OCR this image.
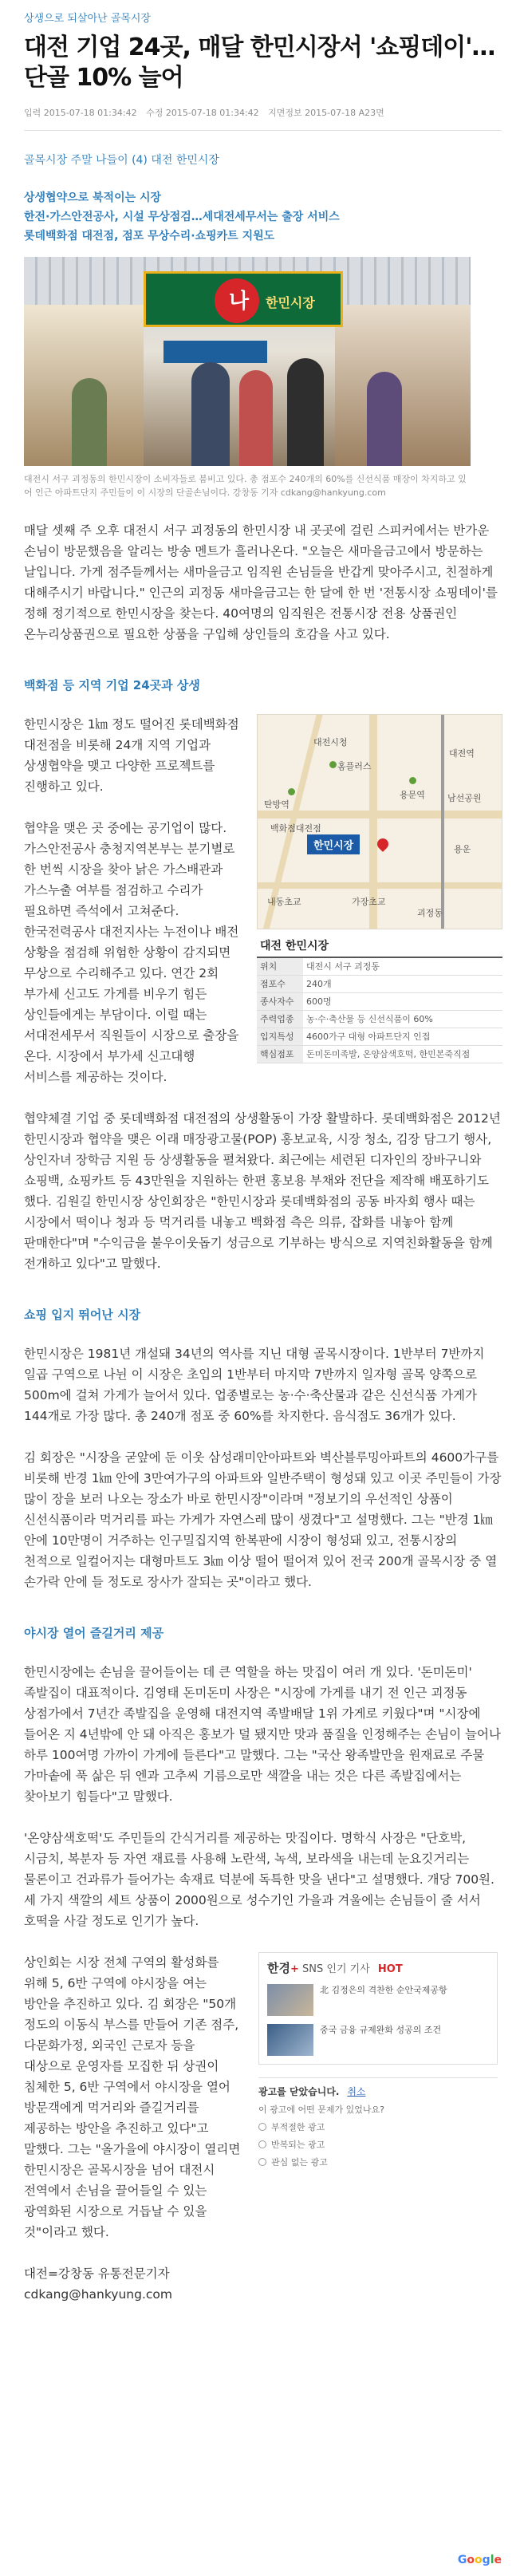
상생으로 되살아난 골목시장
대전 기업 24곳, 매달 한민시장서 '쇼핑데이'…단골 10% 늘어
입력 2015-07-18 01:34:42 수정 2015-07-18 01:34:42 지면정보 2015-07-18 A23면
골목시장 주말 나들이 (4) 대전 한민시장
상생협약으로 북적이는 시장
한전·가스안전공사, 시설 무상점검…세대전세무서는 출장 서비스
롯데백화점 대전점, 점포 무상수리·쇼핑카트 지원도
나 한민시장
대전시 서구 괴정동의 한민시장이 소비자들로 붐비고 있다. 총 점포수 240개의 60%를 신선식품 매장이 차지하고 있어 인근 아파트단지 주민들이 이 시장의 단골손님이다. 강창동 기자 cdkang@hankyung.com

매달 셋째 주 오후 대전시 서구 괴정동의 한민시장 내 곳곳에 걸린 스피커에서는 반가운 손님이 방문했음을 알리는 방송 멘트가 흘러나온다. "오늘은 새마을금고에서 방문하는 날입니다. 가게 점주들께서는 새마을금고 임직원 손님들을 반갑게 맞아주시고, 친절하게 대해주시기 바랍니다." 인근의 괴정동 새마을금고는 한 달에 한 번 '전통시장 쇼핑데이'를 정해 정기적으로 한민시장을 찾는다. 40여명의 임직원은 전통시장 전용 상품권인 온누리상품권으로 필요한 상품을 구입해 상인들의 호감을 사고 있다.

백화점 등 지역 기업 24곳과 상생

한민시장은 1㎞ 정도 떨어진 롯데백화점 대전점을 비롯해 24개 지역 기업과 상생협약을 맺고 다양한 프로젝트를 진행하고 있다.

협약을 맺은 곳 중에는 공기업이 많다. 가스안전공사 충청지역본부는 분기별로 한 번씩 시장을 찾아 낡은 가스배관과 가스누출 여부를 점검하고 수리가 필요하면 즉석에서 고쳐준다. 한국전력공사 대전지사는 누전이나 배전 상황을 점검해 위험한 상황이 감지되면 무상으로 수리해주고 있다. 연간 2회 부가세 신고도 가게를 비우기 힘든 상인들에게는 부담이다. 이럴 때는 서대전세무서 직원들이 시장으로 출장을 온다. 시장에서 부가세 신고대행 서비스를 제공하는 것이다.

대전시청
홈플러스
탄방역
대전역
용문역	남선공원
한민시장
백화점대전점
용운
내동초교	가장초교
괴정동
대전 한민시장
위치	대전시 서구 괴정동
점포수	240개
종사자수	600명
주력업종	농·수·축산물 등 신선식품이 60%
입지특성	4600가구 대형 아파트단지 인접
핵심점포	돈미돈미족발, 온양삼색호떡, 한민본죽직점

협약체결 기업 중 롯데백화점 대전점의 상생활동이 가장 활발하다. 롯데백화점은 2012년 한민시장과 협약을 맺은 이래 매장광고물(POP) 홍보교육, 시장 청소, 김장 담그기 행사, 상인자녀 장학금 지원 등 상생활동을 펼쳐왔다. 최근에는 세련된 디자인의 장바구니와 쇼핑백, 쇼핑카트 등 43만원을 지원하는 한편 홍보용 부채와 전단을 제작해 배포하기도 했다. 김원길 한민시장 상인회장은 "한민시장과 롯데백화점의 공동 바자회 행사 때는 시장에서 떡이나 청과 등 먹거리를 내놓고 백화점 측은 의류, 잡화를 내놓아 함께 판매한다"며 "수익금을 불우이웃돕기 성금으로 기부하는 방식으로 지역친화활동을 함께 전개하고 있다"고 말했다.

쇼핑 입지 뛰어난 시장

한민시장은 1981년 개설돼 34년의 역사를 지닌 대형 골목시장이다. 1반부터 7반까지 일곱 구역으로 나뉜 이 시장은 초입의 1반부터 마지막 7반까지 일자형 골목 양쪽으로 500m에 걸쳐 가게가 늘어서 있다. 업종별로는 농·수·축산물과 같은 신선식품 가게가 144개로 가장 많다. 총 240개 점포 중 60%를 차지한다. 음식점도 36개가 있다.

김 회장은 "시장을 굳앞에 둔 이웃 삼성래미안아파트와 벽산블루밍아파트의 4600가구를 비롯해 반경 1㎞ 안에 3만여가구의 아파트와 일반주택이 형성돼 있고 이곳 주민들이 가장 많이 장을 보러 나오는 장소가 바로 한민시장"이라며 "정보기의 우선적인 상품이 신선식품이라 먹거리를 파는 가게가 자연스레 많이 생겼다"고 설명했다. 그는 "반경 1㎞ 안에 10만명이 거주하는 인구밀집지역 한복판에 시장이 형성돼 있고, 전통시장의 천적으로 일컬어지는 대형마트도 3㎞ 이상 떨어 떨어져 있어 전국 200개 골목시장 중 열 손가락 안에 들 정도로 장사가 잘되는 곳"이라고 했다.

야시장 열어 즐길거리 제공

한민시장에는 손님을 끌어들이는 데 큰 역할을 하는 맛집이 여러 개 있다. '돈미돈미' 족발집이 대표적이다. 김영태 돈미돈미 사장은 "시장에 가게를 내기 전 인근 괴정동 상점가에서 7년간 족발집을 운영해 대전지역 족발배달 1위 가게로 키웠다"며 "시장에 들어온 지 4년밖에 안 돼 아직은 홍보가 덜 됐지만 맛과 품질을 인정해주는 손님이 늘어나 하루 100여명 가까이 가게에 들른다"고 말했다. 그는 "국산 왕족발만을 원재료로 주물 가마솥에 푹 삶은 뒤 엔과 고추씨 기름으로만 색깔을 내는 것은 다른 족발집에서는 찾아보기 힘들다"고 말했다.

'온양삼색호떡'도 주민들의 간식거리를 제공하는 맛집이다. 명학식 사장은 "단호박, 시금치, 복분자 등 자연 재료를 사용해 노란색, 녹색, 보라색을 내는데 눈요깃거리는 물론이고 건과류가 들어가는 속재료 덕분에 독특한 맛을 낸다"고 설명했다. 개당 700원. 세 가지 색깔의 세트 상품이 2000원으로 성수기인 가을과 겨울에는 손님들이 줄 서서 호떡을 사갈 정도로 인기가 높다.

상인회는 시장 전체 구역의 활성화를 위해 5, 6반 구역에 야시장을 여는 방안을 추진하고 있다. 김 회장은 "50개 정도의 이동식 부스를 만들어 기존 점주, 다문화가정, 외국인 근로자 등을 대상으로 운영자를 모집한 뒤 상권이 침체한 5, 6반 구역에서 야시장을 열어 방문객에게 먹거리와 즐길거리를 제공하는 방안을 추진하고 있다"고 말했다. 그는 "올가을에 야시장이 열리면 한민시장은 골목시장을 넘어 대전시 전역에서 손님을 끌어들일 수 있는 광역화된 시장으로 거듭날 수 있을 것"이라고 했다.

대전=강창동 유통전문기자
cdkang@hankyung.com
한경+ SNS 인기 기사 HOT
北 김정은의 격찬한 순안국제공항
중국 금융 규제완화 성공의 조건
광고를 닫았습니다. 취소
이 광고에 어떤 문제가 있었나요?
부적절한 광고
반복되는 광고
관심 없는 광고
Google
